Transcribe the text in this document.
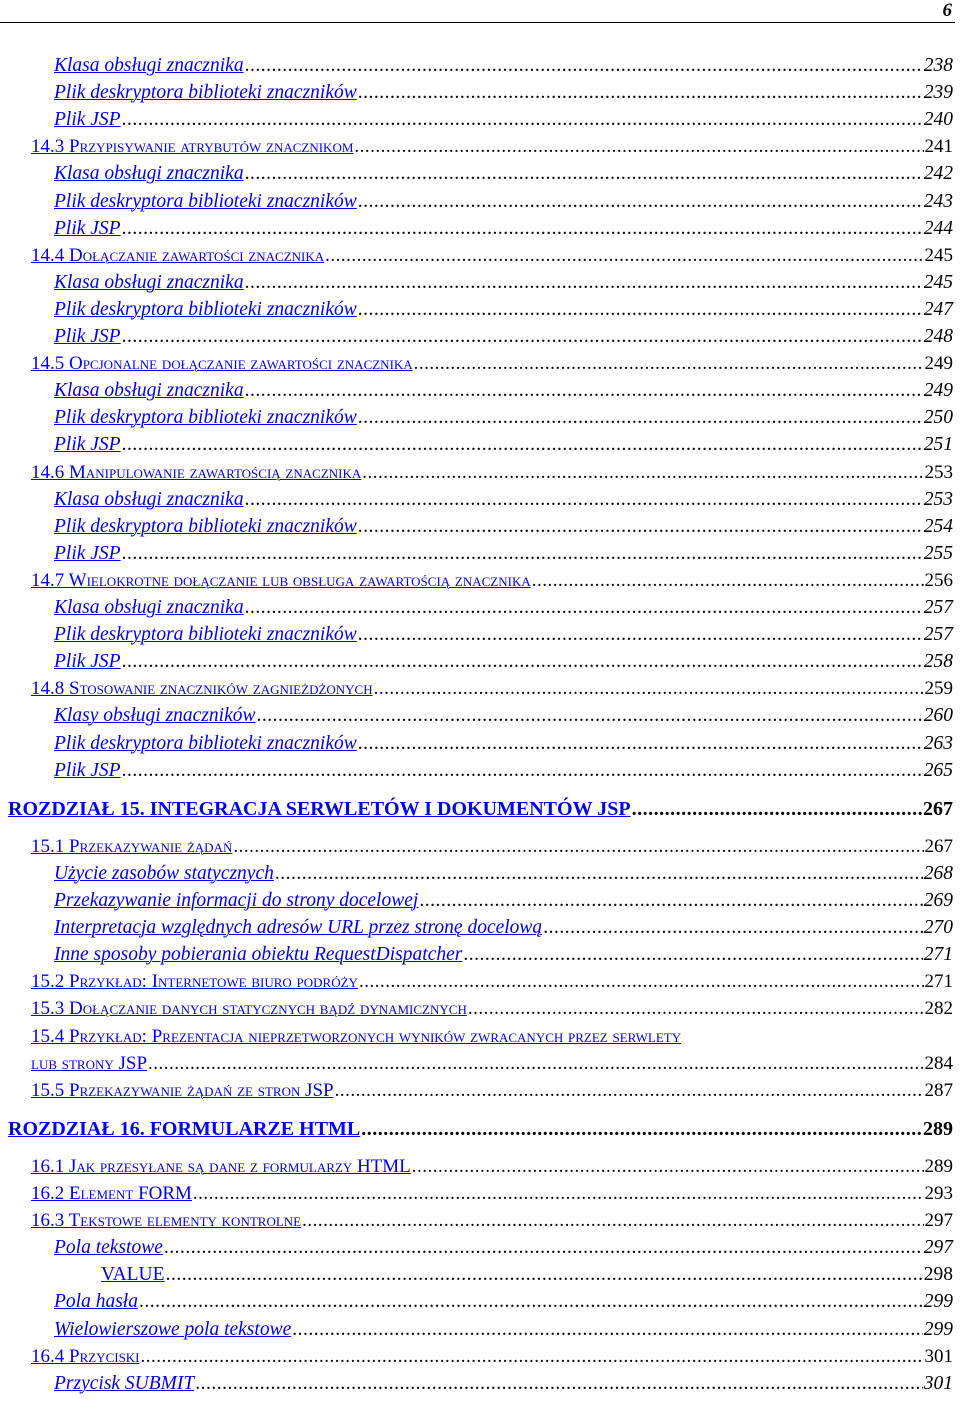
6
Klasa obsługi znacznika .....	238
Plik deskryptora biblioteki znaczników .....	239
Plik JSP .....	240
14.3 Przypisywanie atrybutów znacznikom .....	241
Klasa obsługi znacznika .....	242
Plik deskryptora biblioteki znaczników .....	243
Plik JSP .....	244
14.4 Dołączanie zawartości znacznika .....	245
Klasa obsługi znacznika .....	245
Plik deskryptora biblioteki znaczników .....	247
Plik JSP .....	248
14.5 Opcjonalne dołączanie zawartości znacznika .....	249
Klasa obsługi znacznika .....	249
Plik deskryptora biblioteki znaczników .....	250
Plik JSP .....	251
14.6 Manipulowanie zawartością znacznika .....	253
Klasa obsługi znacznika .....	253
Plik deskryptora biblioteki znaczników .....	254
Plik JSP .....	255
14.7 Wielokrotne dołączanie lub obsługa zawartością znacznika .....	256
Klasa obsługi znacznika .....	257
Plik deskryptora biblioteki znaczników .....	257
Plik JSP .....	258
14.8 Stosowanie znaczników zagnieżdżonych .....	259
Klasy obsługi znaczników .....	260
Plik deskryptora biblioteki znaczników .....	263
Plik JSP .....	265
ROZDZIAŁ 15. INTEGRACJA SERWLETÓW I DOKUMENTÓW JSP .....	267
15.1 Przekazywanie żądań .....	267
Użycie zasobów statycznych .....	268
Przekazywanie informacji do strony docelowej .....	269
Interpretacja względnych adresów URL przez stronę docelową .....	270
Inne sposoby pobierania obiektu RequestDispatcher .....	271
15.2 Przykład: Internetowe biuro podróży .....	271
15.3 Dołączanie danych statycznych bądź dynamicznych .....	282
15.4 Przykład: Prezentacja nieprzetworzonych wyników zwracanych przez serwlety
lub strony JSP .....	284
15.5 Przekazywanie żądań ze stron JSP .....	287
ROZDZIAŁ 16. FORMULARZE HTML .....	289
16.1 Jak przesyłane są dane z formularzy HTML .....	289
16.2 Element FORM .....	293
16.3 Tekstowe elementy kontrolne .....	297
Pola tekstowe .....	297
VALUE .....	298
Pola hasła .....	299
Wielowierszowe pola tekstowe .....	299
16.4 Przyciski .....	301
Przycisk SUBMIT .....	301
